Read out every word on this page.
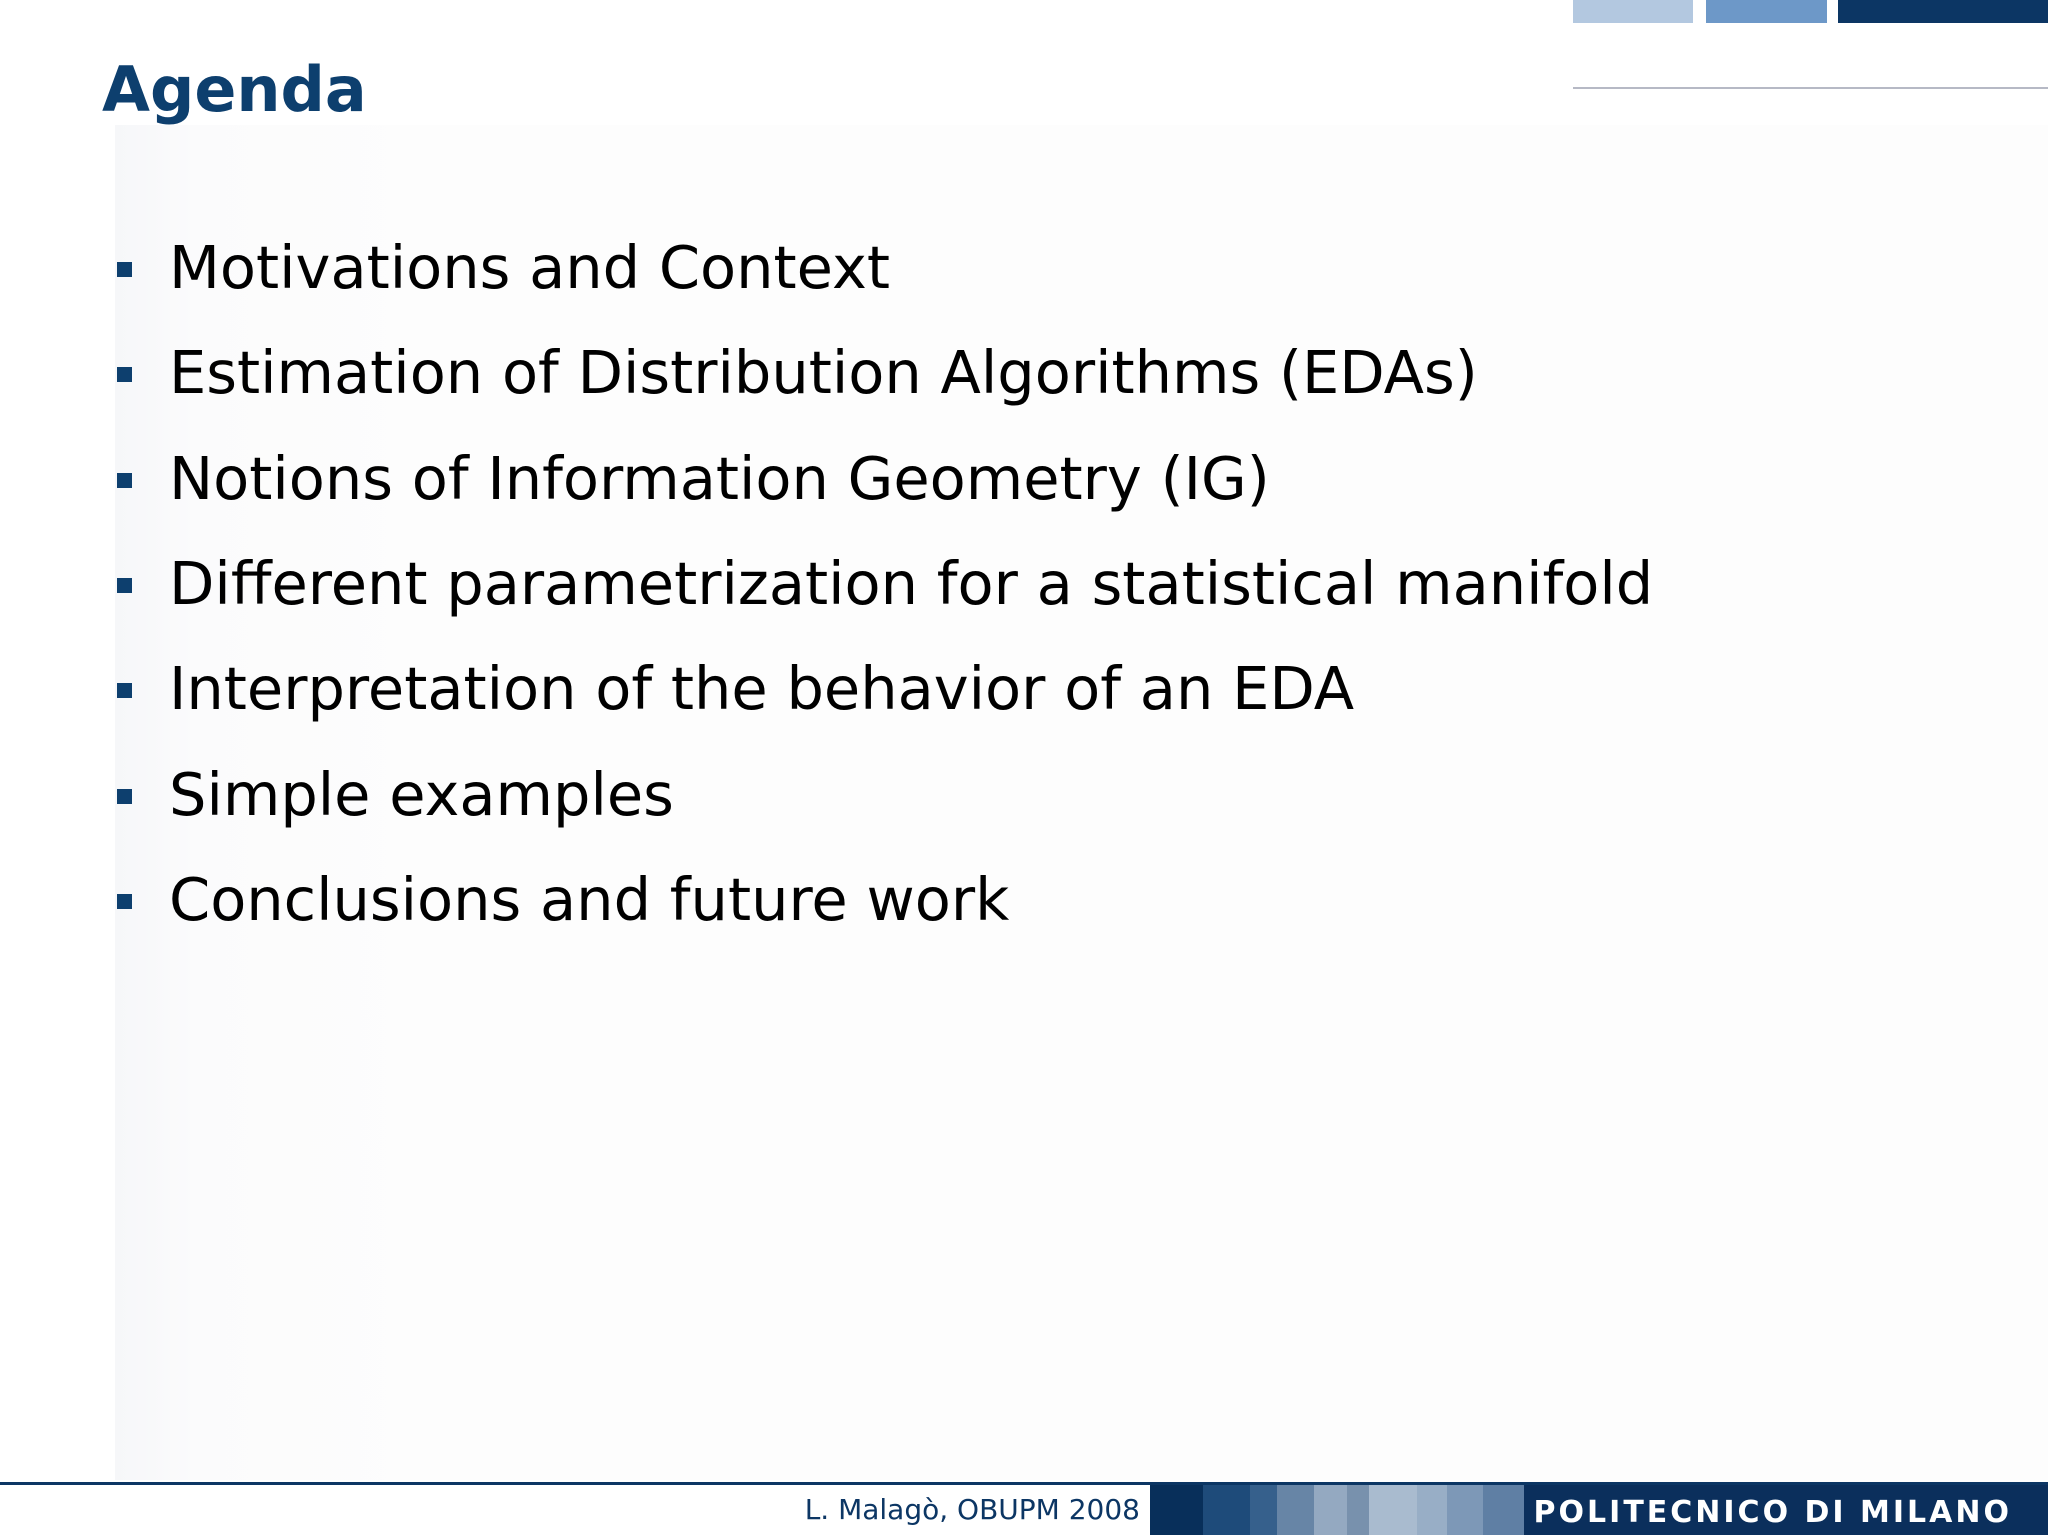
Agenda
Motivations and Context
Estimation of Distribution Algorithms (EDAs)
Notions of Information Geometry (IG)
Different parametrization for a statistical manifold
Interpretation of the behavior of an EDA
Simple examples
Conclusions and future work
L. Malagò, OBUPM 2008	POLITECNICO DI MILANO
